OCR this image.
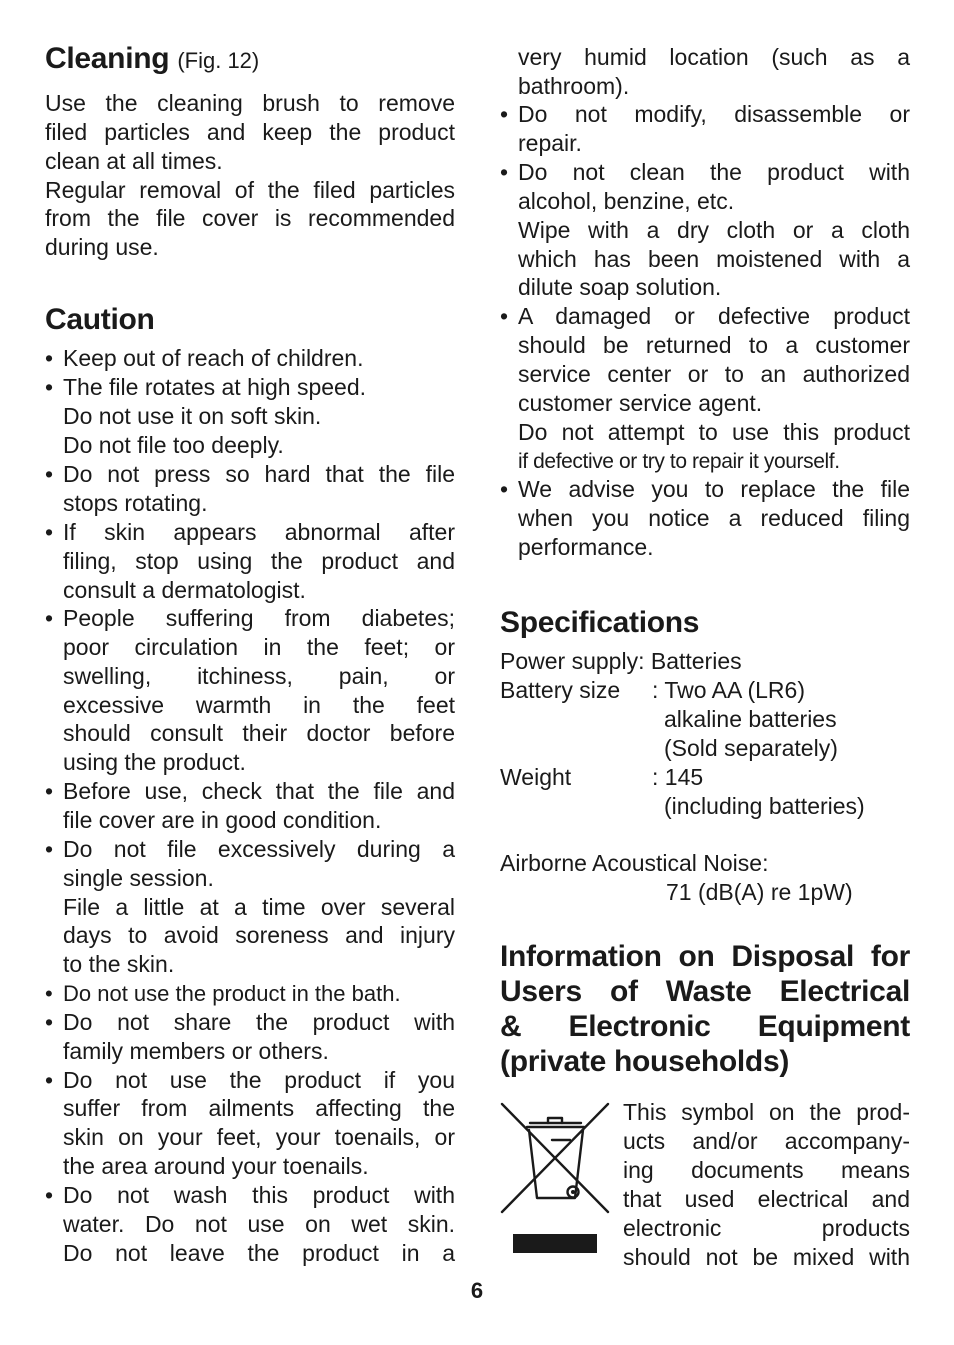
Cleaning (Fig. 12)
Use the cleaning brush to remove
filed particles and keep the product
clean at all times.
Regular removal of the filed particles
from the file cover is recommended
during use.
Caution
• Keep out of reach of children.
• The file rotates at high speed.
Do not use it on soft skin.
Do not file too deeply.
• Do not press so hard that the file
stops rotating.
• If skin appears abnormal after
filing, stop using the product and
consult a dermatologist.
• People suffering from diabetes;
poor circulation in the feet; or
swelling, itchiness, pain, or
excessive warmth in the feet
should consult their doctor before
using the product.
• Before use, check that the file and
file cover are in good condition.
• Do not file excessively during a
single session.
File a little at a time over several
days to avoid soreness and injury
to the skin.
• Do not use the product in the bath.
• Do not share the product with
family members or others.
• Do not use the product if you
suffer from ailments affecting the
skin on your feet, your toenails, or
the area around your toenails.
• Do not wash this product with
water. Do not use on wet skin.
Do not leave the product in a
very humid location (such as a
bathroom).
• Do not modify, disassemble or
repair.
• Do not clean the product with
alcohol, benzine, etc.
Wipe with a dry cloth or a cloth
which has been moistened with a
dilute soap solution.
• A damaged or defective product
should be returned to a customer
service center or to an authorized
customer service agent.
Do not attempt to use this product
if defective or try to repair it yourself.
• We advise you to replace the file
when you notice a reduced filing
performance.
Specifications
Power supply: Batteries
Battery size : Two AA (LR6)
alkaline batteries
(Sold separately)
Weight	: 145
(including batteries)
Airborne Acoustical Noise:
71 (dB(A) re 1pW)
Information on Disposal for
Users of Waste Electrical
& Electronic Equipment
(private households)
This symbol on the prod-
ucts and/or accompany-
ing documents means
that used electrical and
electronic products
should not be mixed with
6
